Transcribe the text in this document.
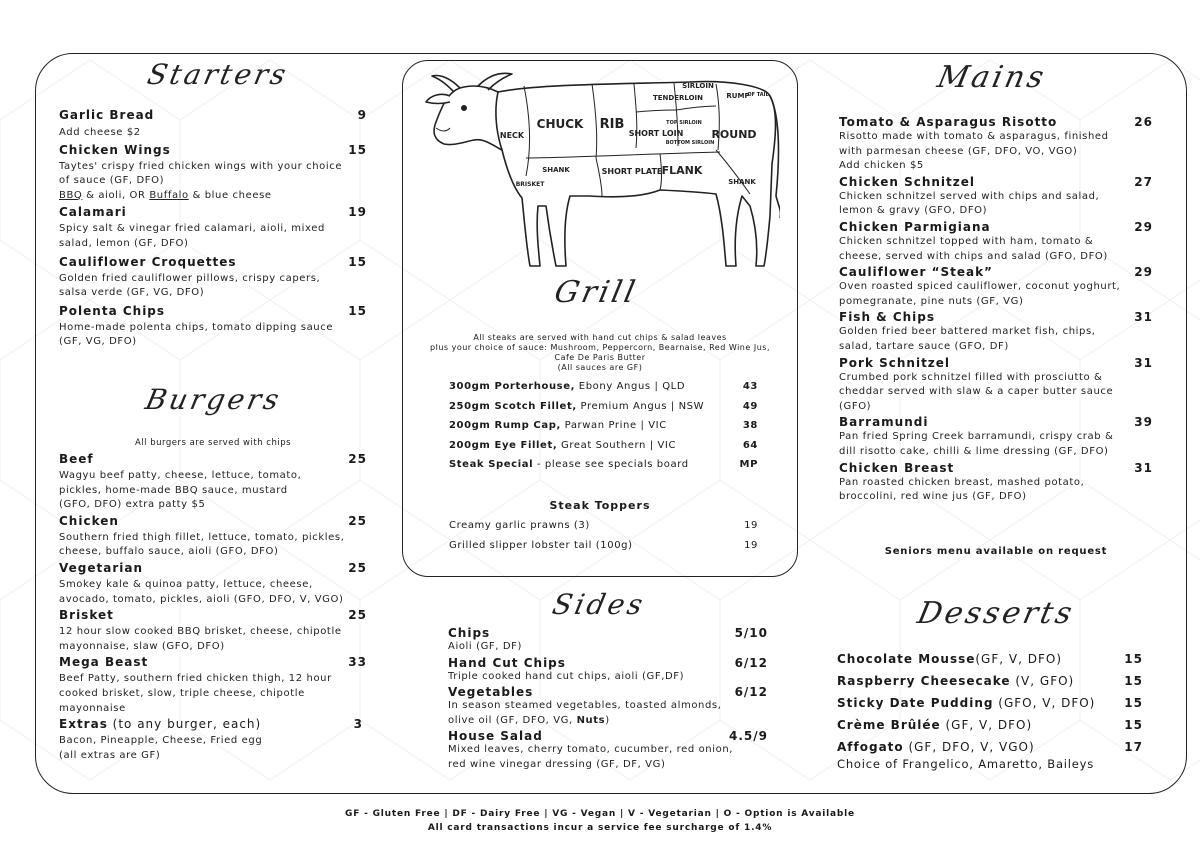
Starters
Garlic Bread	9
Add cheese $2
Chicken Wings	15
Taytes' crispy fried chicken wings with your choice
of sauce (GF, DFO)
BBQ & aioli, OR Buffalo & blue cheese
Calamari	19
Spicy salt & vinegar fried calamari, aioli, mixed
salad, lemon (GF, DFO)
Cauliflower Croquettes	15
Golden fried cauliflower pillows, crispy capers,
salsa verde (GF, VG, DFO)
Polenta Chips	15
Home-made polenta chips, tomato dipping sauce
(GF, VG, DFO)
Burgers
All burgers are served with chips
Beef	25
Wagyu beef patty, cheese, lettuce, tomato,
pickles, home-made BBQ sauce, mustard
(GFO, DFO) extra patty $5
Chicken	25
Southern fried thigh fillet, lettuce, tomato, pickles,
cheese, buffalo sauce, aioli (GFO, DFO)
Vegetarian	25
Smokey kale & quinoa patty, lettuce, cheese,
avocado, tomato, pickles, aioli (GFO, DFO, V, VGO)
Brisket	25
12 hour slow cooked BBQ brisket, cheese, chipotle
mayonnaise, slaw (GFO, DFO)
Mega Beast	33
Beef Patty, southern fried chicken thigh, 12 hour
cooked brisket, slow, triple cheese, chipotle
mayonnaise
Extras (to any burger, each)	3
Bacon, Pineapple, Cheese, Fried egg
(all extras are GF)
CHUCK RIB
NECK	SHORT LOIN
TENDERLOIN
SIRLOIN
RUMP
ROUND
SHANK	SHORT PLATE FLANK
BRISKET
TOP SIRLOIN
BOTTOM SIRLOIN
SHANK
OF TAIL
Grill
All steaks are served with hand cut chips & salad leaves
plus your choice of sauce: Mushroom, Peppercorn, Bearnaise, Red Wine Jus,
Cafe De Paris Butter
(All sauces are GF)
300gm Porterhouse, Ebony Angus | QLD	43
250gm Scotch Fillet, Premium Angus | NSW	49
200gm Rump Cap, Parwan Prine | VIC	38
200gm Eye Fillet, Great Southern | VIC	64
Steak Special - please see specials board	MP
Steak Toppers
Creamy garlic prawns (3)	19
Grilled slipper lobster tail (100g)	19
Sides
Chips	5/10
Aioli (GF, DF)
Hand Cut Chips	6/12
Triple cooked hand cut chips, aioli (GF,DF)
Vegetables	6/12
In season steamed vegetables, toasted almonds,
olive oil (GF, DFO, VG, Nuts)
House Salad	4.5/9
Mixed leaves, cherry tomato, cucumber, red onion,
red wine vinegar dressing (GF, DF, VG)
Mains
Tomato & Asparagus Risotto	26
Risotto made with tomato & asparagus, finished
with parmesan cheese (GF, DFO, VO, VGO)
Add chicken $5
Chicken Schnitzel	27
Chicken schnitzel served with chips and salad,
lemon & gravy (GFO, DFO)
Chicken Parmigiana	29
Chicken schnitzel topped with ham, tomato &
cheese, served with chips and salad (GFO, DFO)
Cauliflower “Steak”	29
Oven roasted spiced cauliflower, coconut yoghurt,
pomegranate, pine nuts (GF, VG)
Fish & Chips	31
Golden fried beer battered market fish, chips,
salad, tartare sauce (GFO, DF)
Pork Schnitzel	31
Crumbed pork schnitzel filled with prosciutto &
cheddar served with slaw & a caper butter sauce
(GFO)
Barramundi	39
Pan fried Spring Creek barramundi, crispy crab &
dill risotto cake, chilli & lime dressing (GF, DFO)
Chicken Breast	31
Pan roasted chicken breast, mashed potato,
broccolini, red wine jus (GF, DFO)
Seniors menu available on request
Desserts
Chocolate Mousse(GF, V, DFO)	15
Raspberry Cheesecake (V, GFO)	15
Sticky Date Pudding (GFO, V, DFO) 15
Crème Brûlée (GF, V, DFO)	15
Affogato (GF, DFO, V, VGO)	17
Choice of Frangelico, Amaretto, Baileys
GF - Gluten Free | DF - Dairy Free | VG - Vegan | V - Vegetarian | O - Option is Available
All card transactions incur a service fee surcharge of 1.4%
